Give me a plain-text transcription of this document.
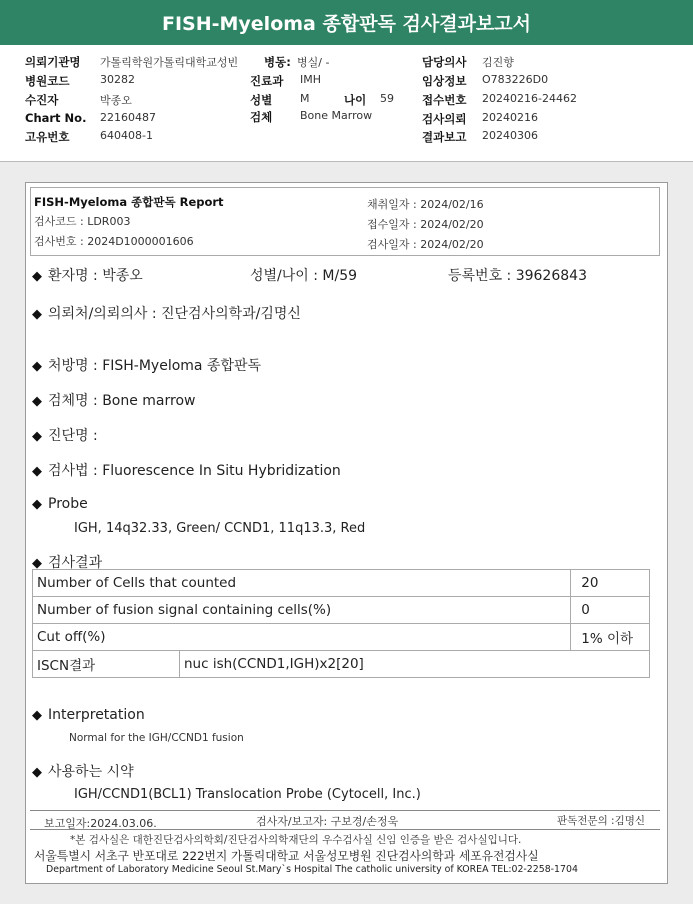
FISH-Myeloma 종합판독 검사결과보고서
의뢰기관명 가톨릭학원가톨릭대학교성빈	병동: 병실/ -	담당의사 김진향
병원코드	30282	진료과 IMH	임상정보 O783226D0
수진자	박종오	성별	M	나이 59 접수번호 20240216-24462
Chart No. 22160487	검체	Bone Marrow	검사의뢰 20240216
고유번호	640408-1	결과보고 20240306
FISH-Myeloma 종합판독 Report
검사코드 : LDR003
검사번호 : 2024D1000001606
채취일자 : 2024/02/16
접수일자 : 2024/02/20
검사일자 : 2024/02/20
◆ 환자명 : 박종오	성별/나이 : M/59	등록번호 : 39626843
◆ 의뢰처/의뢰의사 : 진단검사의학과/김명신
◆ 처방명 : FISH-Myeloma 종합판독
◆ 검체명 : Bone marrow
◆ 진단명 :
◆ 검사법 : Fluorescence In Situ Hybridization
◆ Probe
IGH, 14q32.33, Green/ CCND1, 11q13.3, Red
◆ 검사결과
Number of Cells that counted		20
Number of fusion signal containing cells(%)		0
Cut off(%)		1% 이하
ISCN결과	nuc ish(CCND1,IGH)x2[20]	
◆ Interpretation
Normal for the IGH/CCND1 fusion
◆ 사용하는 시약
IGH/CCND1(BCL1) Translocation Probe (Cytocell, Inc.)
보고일자:2024.03.06.	검사자/보고자: 구보경/손정욱	판독전문의 :김명신
*본 검사실은 대한진단검사의학회/진단검사의학재단의 우수검사실 신임 인증을 받은 검사실입니다.
서울특별시 서초구 반포대로 222번지 가톨릭대학교 서울성모병원 진단검사의학과 세포유전검사실
Department of Laboratory Medicine Seoul St.Mary`s Hospital The catholic university of KOREA TEL:02-2258-1704
